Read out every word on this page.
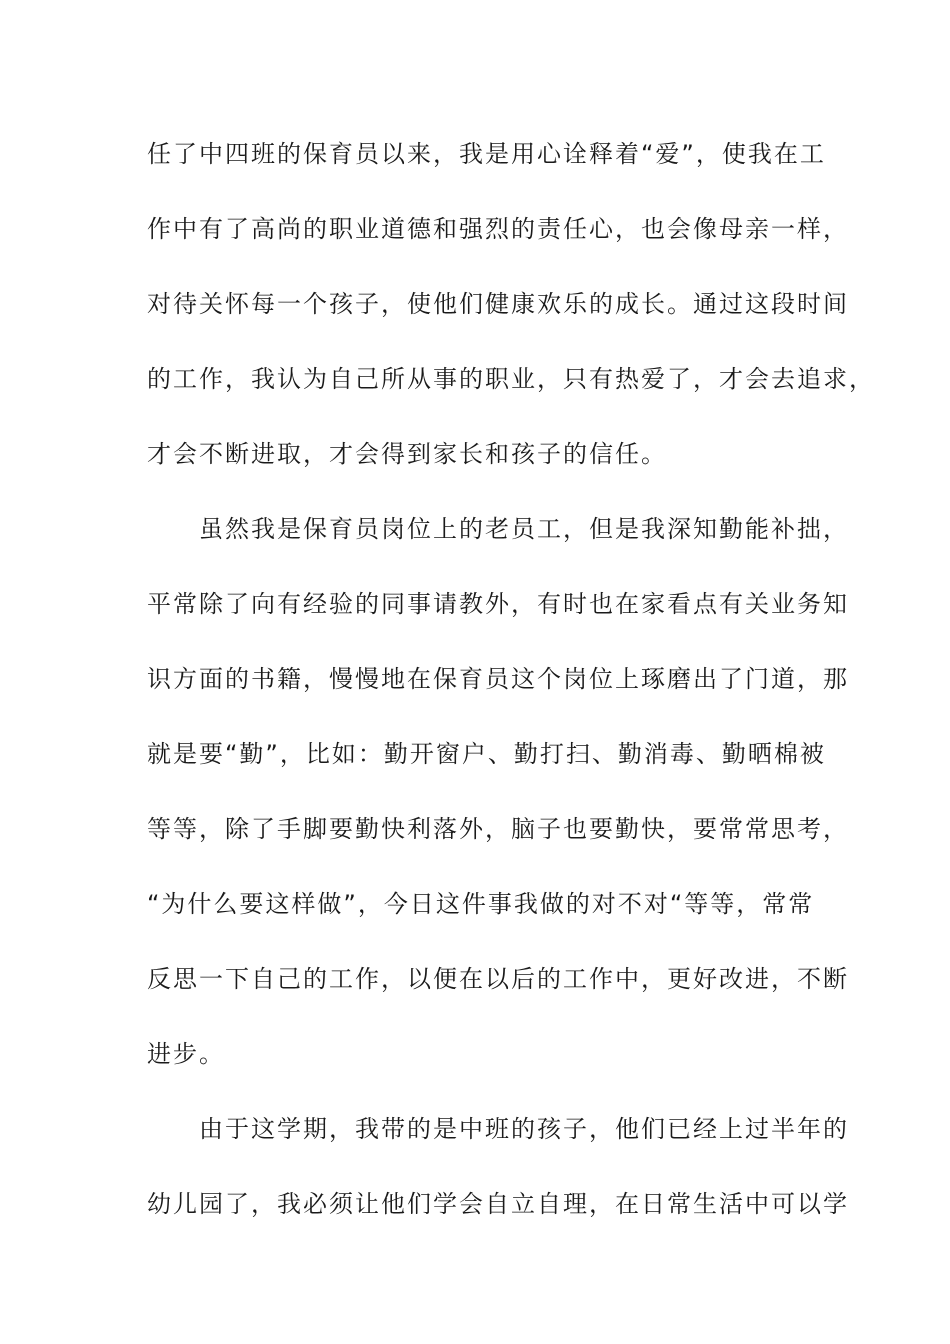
任了中四班的保育员以来，我是用心诠释着“爱”，使我在工
作中有了高尚的职业道德和强烈的责任心，也会像母亲一样，
对待关怀每一个孩子，使他们健康欢乐的成长。通过这段时间
的工作，我认为自己所从事的职业，只有热爱了，才会去追求，
才会不断进取，才会得到家长和孩子的信任。
虽然我是保育员岗位上的老员工，但是我深知勤能补拙，
平常除了向有经验的同事请教外，有时也在家看点有关业务知
识方面的书籍，慢慢地在保育员这个岗位上琢磨出了门道，那
就是要“勤”，比如：勤开窗户、勤打扫、勤消毒、勤晒棉被
等等，除了手脚要勤快利落外，脑子也要勤快，要常常思考，
“为什么要这样做”，今日这件事我做的对不对“等等，常常
反思一下自己的工作，以便在以后的工作中，更好改进，不断
进步。
由于这学期，我带的是中班的孩子，他们已经上过半年的
幼儿园了，我必须让他们学会自立自理，在日常生活中可以学
